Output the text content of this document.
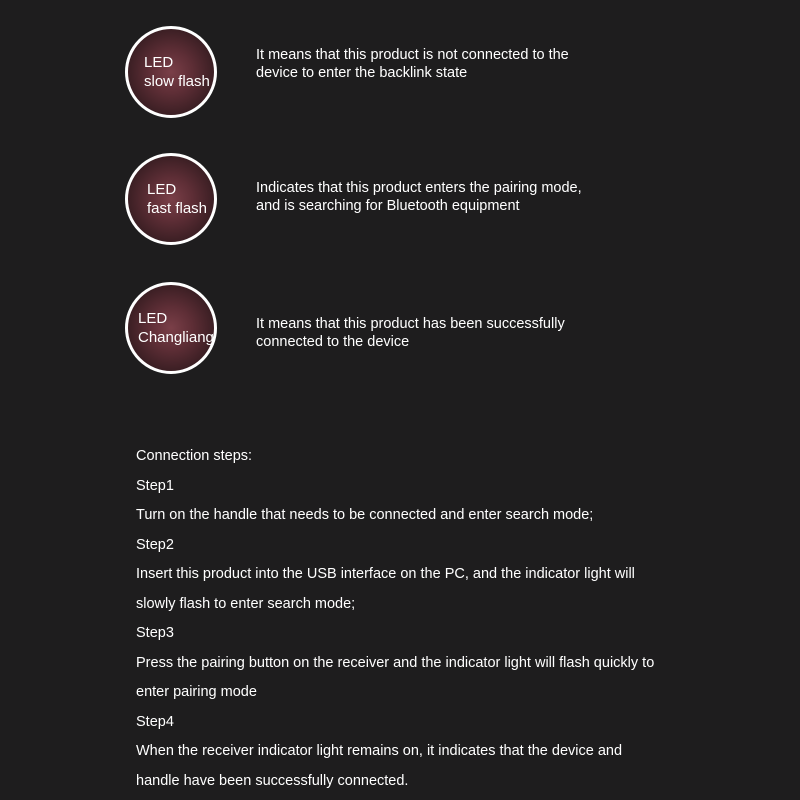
LED
slow flash
It means that this product is not connected to the
device to enter the backlink state
LED
fast flash
Indicates that this product enters the pairing mode,
and is searching for Bluetooth equipment
LED
Changliang
It means that this product has been successfully
connected to the device
Connection steps:
Step1
Turn on the handle that needs to be connected and enter search mode;
Step2
Insert this product into the USB interface on the PC, and the indicator light will
slowly flash to enter search mode;
Step3
Press the pairing button on the receiver and the indicator light will flash quickly to
enter pairing mode
Step4
When the receiver indicator light remains on, it indicates that the device and
handle have been successfully connected.
